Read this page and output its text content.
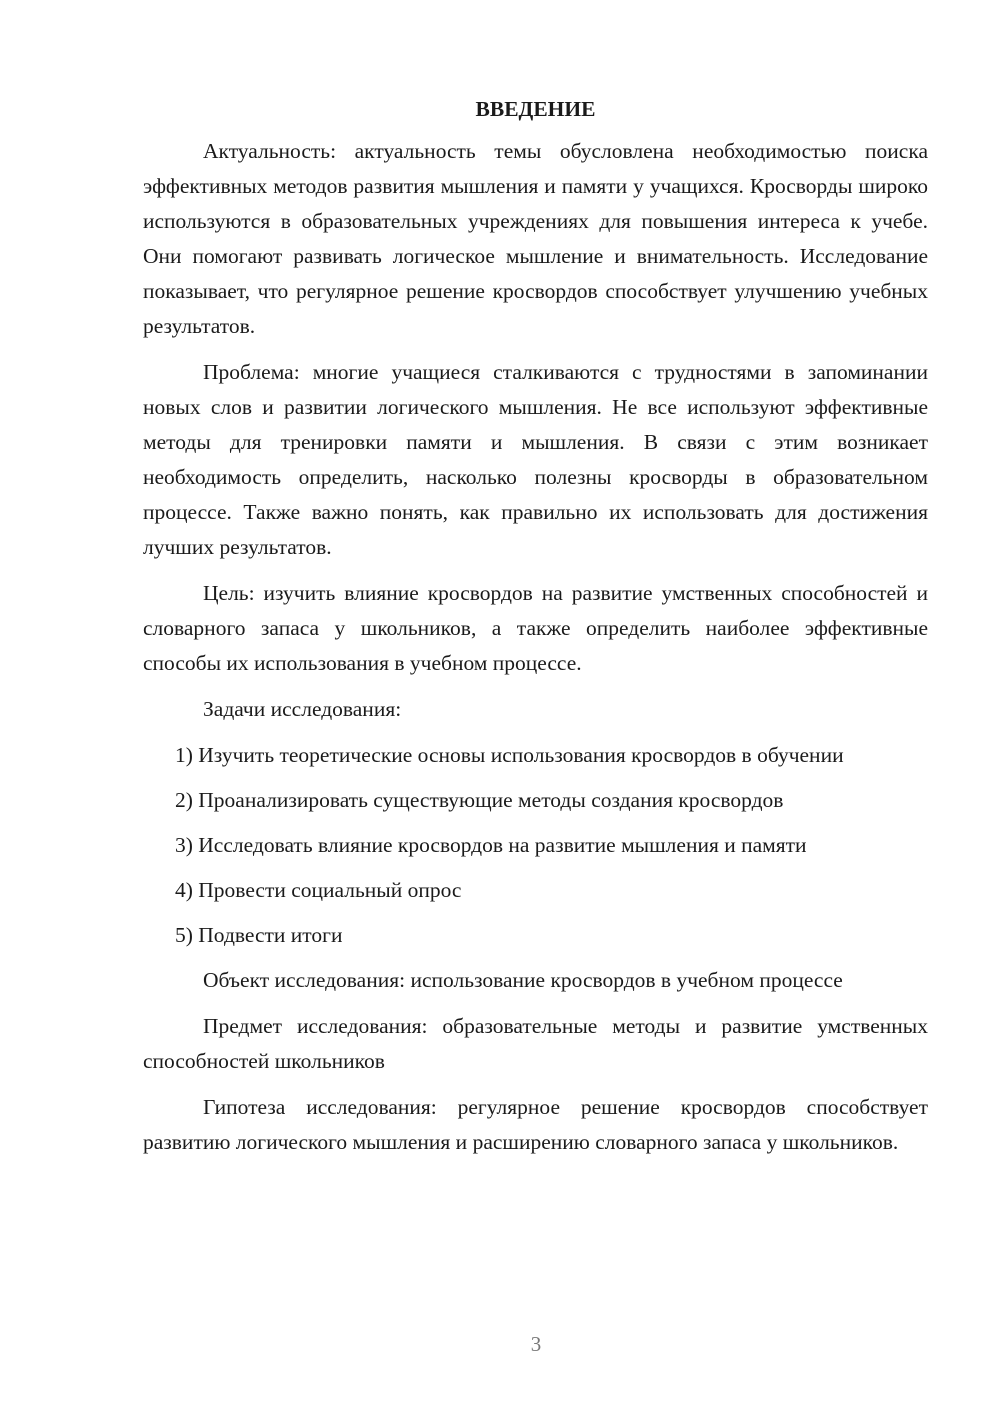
ВВЕДЕНИЕ

Актуальность: актуальность темы обусловлена необходимостью поиска эффективных методов развития мышления и памяти у учащихся. Кросворды широко используются в образовательных учреждениях для повышения интереса к учебе. Они помогают развивать логическое мышление и внимательность. Исследование показывает, что регулярное решение кросвордов способствует улучшению учебных результатов.

Проблема: многие учащиеся сталкиваются с трудностями в запоминании новых слов и развитии логического мышления. Не все используют эффективные методы для тренировки памяти и мышления. В связи с этим возникает необходимость определить, насколько полезны кросворды в образовательном процессе. Также важно понять, как правильно их использовать для достижения лучших результатов.

Цель: изучить влияние кросвордов на развитие умственных способностей и словарного запаса у школьников, а также определить наиболее эффективные способы их использования в учебном процессе.

Задачи исследования:

1) Изучить теоретические основы использования кросвордов в обучении

2) Проанализировать существующие методы создания кросвордов

3) Исследовать влияние кросвордов на развитие мышления и памяти

4) Провести социальный опрос

5) Подвести итоги

Объект исследования: использование кросвордов в учебном процессе

Предмет исследования: образовательные методы и развитие умственных способностей школьников

Гипотеза исследования: регулярное решение кросвордов способствует развитию логического мышления и расширению словарного запаса у школьников.

3
